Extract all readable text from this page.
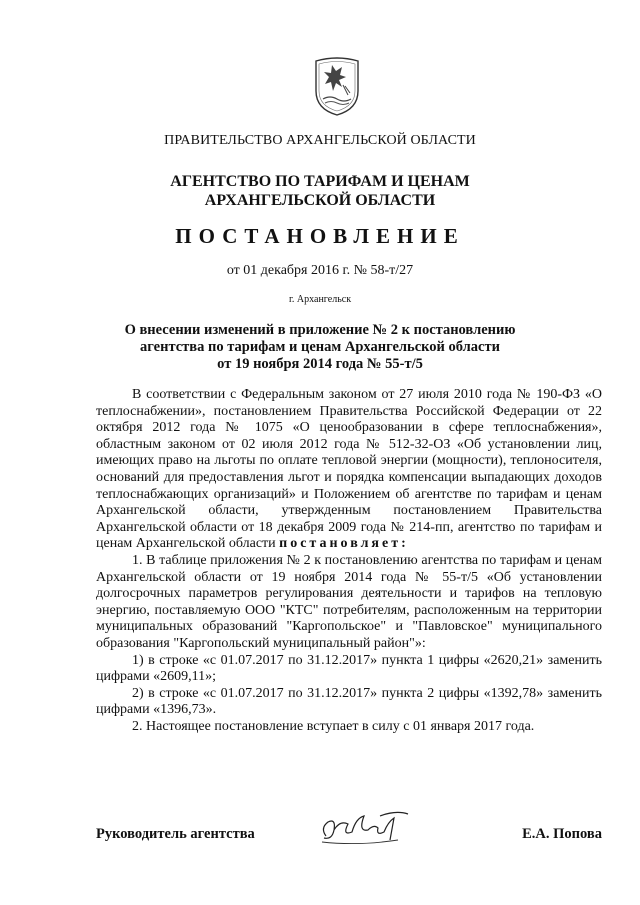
ПРАВИТЕЛЬСТВО АРХАНГЕЛЬСКОЙ ОБЛАСТИ
АГЕНТСТВО ПО ТАРИФАМ И ЦЕНАМ
АРХАНГЕЛЬСКОЙ ОБЛАСТИ
ПОСТАНОВЛЕНИЕ
от 01 декабря 2016 г. № 58-т/27
г. Архангельск
О внесении изменений в приложение № 2 к постановлению
агентства по тарифам и ценам Архангельской области
от 19 ноября 2014 года № 55-т/5

В соответствии с Федеральным законом от 27 июля 2010 года № 190-ФЗ «О теплоснабжении», постановлением Правительства Российской Федерации от 22 октября 2012 года № 1075 «О ценообразовании в сфере теплоснабжения», областным законом от 02 июля 2012 года № 512-32-ОЗ «Об установлении лиц, имеющих право на льготы по оплате тепловой энергии (мощности), теплоносителя, оснований для предоставления льгот и порядка компенсации выпадающих доходов теплоснабжающих организаций» и Положением об агентстве по тарифам и ценам Архангельской области, утвержденным постановлением Правительства Архангельской области от 18 декабря 2009 года № 214-пп, агентство по тарифам и ценам Архангельской области постановляет:

1. В таблице приложения № 2 к постановлению агентства по тарифам и ценам Архангельской области от 19 ноября 2014 года № 55-т/5 «Об установлении долгосрочных параметров регулирования деятельности и тарифов на тепловую энергию, поставляемую ООО "КТС" потребителям, расположенным на территории муниципальных образований "Каргопольское" и "Павловское" муниципального образования "Каргопольский муниципальный район"»:

1) в строке «с 01.07.2017 по 31.12.2017» пункта 1 цифры «2620,21» заменить цифрами «2609,11»;

2) в строке «с 01.07.2017 по 31.12.2017» пункта 2 цифры «1392,78» заменить цифрами «1396,73».

2. Настоящее постановление вступает в силу с 01 января 2017 года.

Руководитель агентства	Е.А. Попова
